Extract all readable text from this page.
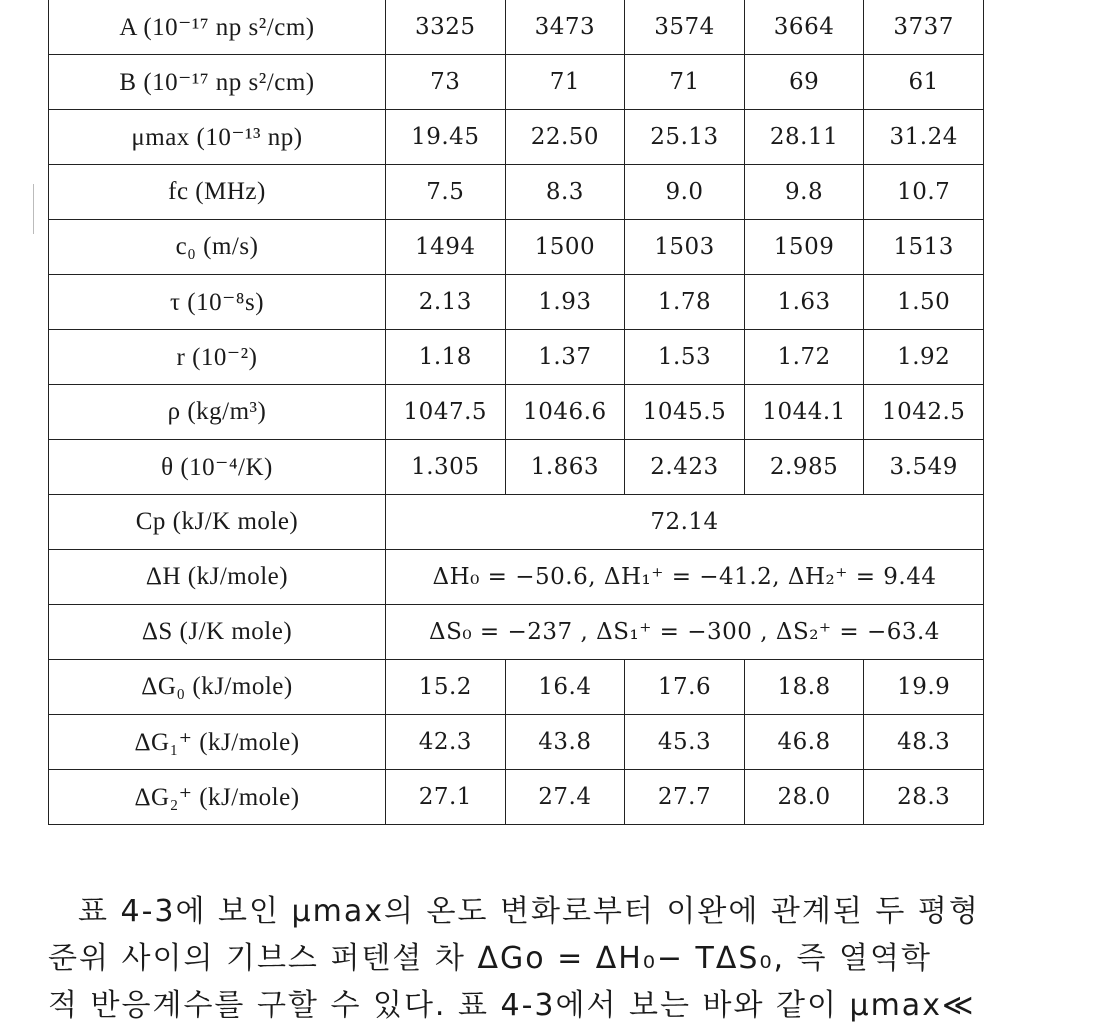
A (10⁻¹⁷ np s²/cm)	3325	3473	3574	3664	3737
B (10⁻¹⁷ np s²/cm)	73	71	71	69	61
μmax (10⁻¹³ np)	19.45	22.50	25.13	28.11	31.24
fc (MHz)	7.5	8.3	9.0	9.8	10.7
c₀ (m/s)	1494	1500	1503	1509	1513
τ (10⁻⁸s)	2.13	1.93	1.78	1.63	1.50
r (10⁻²)	1.18	1.37	1.53	1.72	1.92
ρ (kg/m³)	1047.5	1046.6	1045.5	1044.1	1042.5
θ (10⁻⁴/K)	1.305	1.863	2.423	2.985	3.549
Cp (kJ/K mole)	72.14				
ΔH (kJ/mole)	ΔH₀ = −50.6, ΔH₁⁺ = −41.2, ΔH₂⁺ = 9.44				
ΔS (J/K mole)	ΔS₀ = −237 , ΔS₁⁺ = −300 , ΔS₂⁺ = −63.4				
ΔG₀ (kJ/mole)	15.2	16.4	17.6	18.8	19.9
ΔG₁⁺ (kJ/mole)	42.3	43.8	45.3	46.8	48.3
ΔG₂⁺ (kJ/mole)	27.1	27.4	27.7	28.0	28.3
표 4-3에 보인 μmax의 온도 변화로부터 이완에 관계된 두 평형
준위 사이의 기브스 퍼텐셜 차 ΔGo = ΔH₀− TΔS₀, 즉 열역학
적 반응계수를 구할 수 있다. 표 4-3에서 보는 바와 같이 μmax≪
